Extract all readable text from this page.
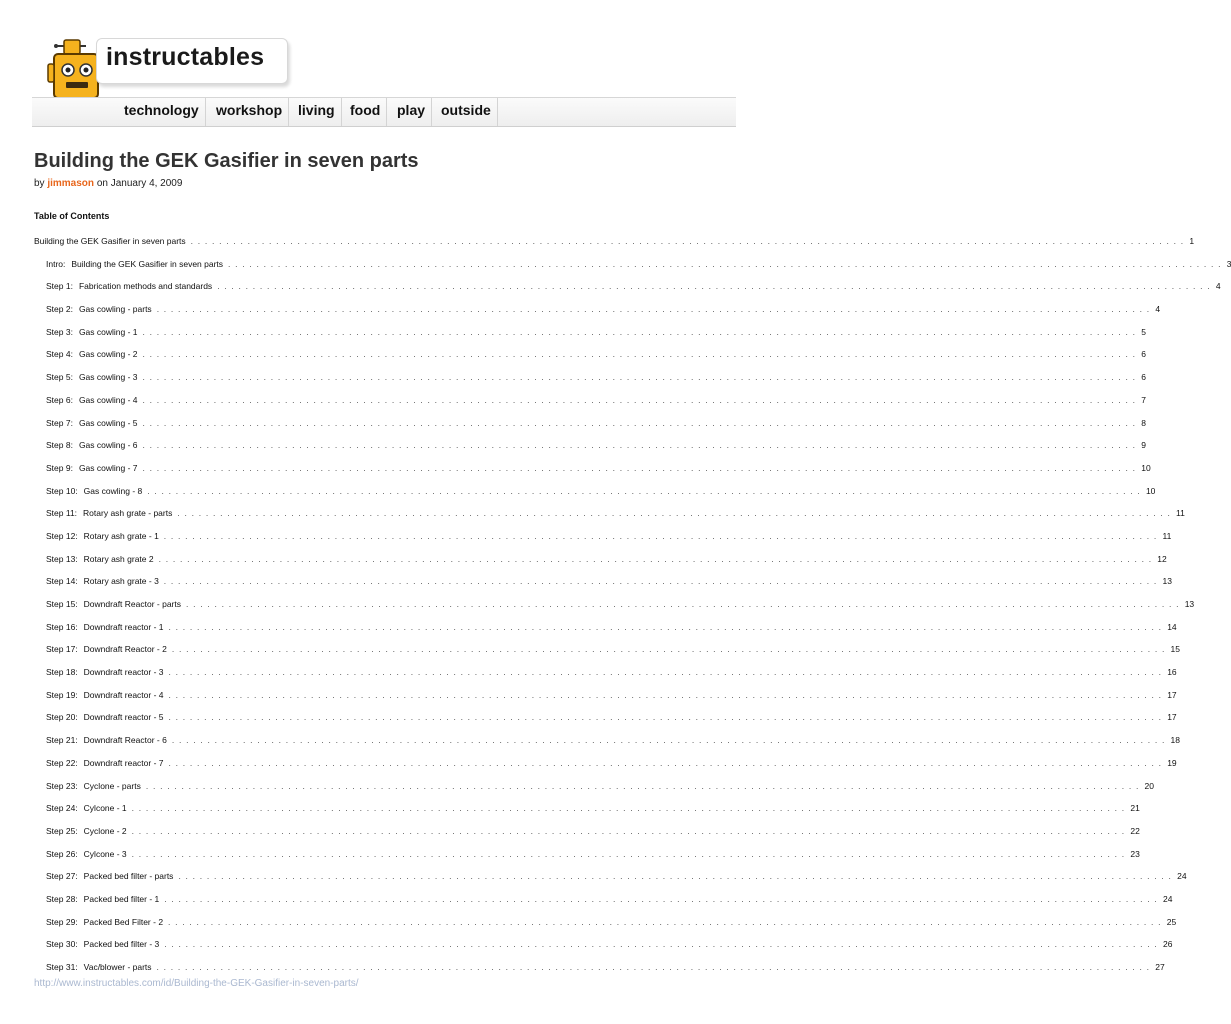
instructables
technology	workshop	living	food	play	outside
Building the GEK Gasifier in seven parts
by jimmason on January 4, 2009
Table of Contents
Building the GEK Gasifier in seven parts . . . . . . . . . . . . . . . . . . . . . . . . . . . . . . . . . . . . . . . . . . . . . . . . . . . . . . . . . . . . . . . . . . . . . . . . . . . . . . . . . . . . . . . . . . . . . . . . . . . . . . . . . . . . . . . . . . . . . . . . . . . . . . . . . . . . . . . . . . . . 1
Intro: Building the GEK Gasifier in seven parts . . . . . . . . . . . . . . . . . . . . . . . . . . . . . . . . . . . . . . . . . . . . . . . . . . . . . . . . . . . . . . . . . . . . . . . . . . . . . . . . . . . . . . . . . . . . . . . . . . . . . . . . . . . . . . . . . . . . . . . . . . . . . . . . . . . . . . . . . . . . 3
Step 1: Fabrication methods and standards . . . . . . . . . . . . . . . . . . . . . . . . . . . . . . . . . . . . . . . . . . . . . . . . . . . . . . . . . . . . . . . . . . . . . . . . . . . . . . . . . . . . . . . . . . . . . . . . . . . . . . . . . . . . . . . . . . . . . . . . . . . . . . . . . . . . . . . . . . . . 4
Step 2: Gas cowling - parts . . . . . . . . . . . . . . . . . . . . . . . . . . . . . . . . . . . . . . . . . . . . . . . . . . . . . . . . . . . . . . . . . . . . . . . . . . . . . . . . . . . . . . . . . . . . . . . . . . . . . . . . . . . . . . . . . . . . . . . . . . . . . . . . . . . . . . . . . . . . 4
Step 3: Gas cowling - 1 . . . . . . . . . . . . . . . . . . . . . . . . . . . . . . . . . . . . . . . . . . . . . . . . . . . . . . . . . . . . . . . . . . . . . . . . . . . . . . . . . . . . . . . . . . . . . . . . . . . . . . . . . . . . . . . . . . . . . . . . . . . . . . . . . . . . . . . . . . . . 5
Step 4: Gas cowling - 2 . . . . . . . . . . . . . . . . . . . . . . . . . . . . . . . . . . . . . . . . . . . . . . . . . . . . . . . . . . . . . . . . . . . . . . . . . . . . . . . . . . . . . . . . . . . . . . . . . . . . . . . . . . . . . . . . . . . . . . . . . . . . . . . . . . . . . . . . . . . . 6
Step 5: Gas cowling - 3 . . . . . . . . . . . . . . . . . . . . . . . . . . . . . . . . . . . . . . . . . . . . . . . . . . . . . . . . . . . . . . . . . . . . . . . . . . . . . . . . . . . . . . . . . . . . . . . . . . . . . . . . . . . . . . . . . . . . . . . . . . . . . . . . . . . . . . . . . . . . 6
Step 6: Gas cowling - 4 . . . . . . . . . . . . . . . . . . . . . . . . . . . . . . . . . . . . . . . . . . . . . . . . . . . . . . . . . . . . . . . . . . . . . . . . . . . . . . . . . . . . . . . . . . . . . . . . . . . . . . . . . . . . . . . . . . . . . . . . . . . . . . . . . . . . . . . . . . . . 7
Step 7: Gas cowling - 5 . . . . . . . . . . . . . . . . . . . . . . . . . . . . . . . . . . . . . . . . . . . . . . . . . . . . . . . . . . . . . . . . . . . . . . . . . . . . . . . . . . . . . . . . . . . . . . . . . . . . . . . . . . . . . . . . . . . . . . . . . . . . . . . . . . . . . . . . . . . . 8
Step 8: Gas cowling - 6 . . . . . . . . . . . . . . . . . . . . . . . . . . . . . . . . . . . . . . . . . . . . . . . . . . . . . . . . . . . . . . . . . . . . . . . . . . . . . . . . . . . . . . . . . . . . . . . . . . . . . . . . . . . . . . . . . . . . . . . . . . . . . . . . . . . . . . . . . . . . 9
Step 9: Gas cowling - 7 . . . . . . . . . . . . . . . . . . . . . . . . . . . . . . . . . . . . . . . . . . . . . . . . . . . . . . . . . . . . . . . . . . . . . . . . . . . . . . . . . . . . . . . . . . . . . . . . . . . . . . . . . . . . . . . . . . . . . . . . . . . . . . . . . . . . . . . . . . . . 10
Step 10: Gas cowling - 8 . . . . . . . . . . . . . . . . . . . . . . . . . . . . . . . . . . . . . . . . . . . . . . . . . . . . . . . . . . . . . . . . . . . . . . . . . . . . . . . . . . . . . . . . . . . . . . . . . . . . . . . . . . . . . . . . . . . . . . . . . . . . . . . . . . . . . . . . . . . . 10
Step 11: Rotary ash grate - parts . . . . . . . . . . . . . . . . . . . . . . . . . . . . . . . . . . . . . . . . . . . . . . . . . . . . . . . . . . . . . . . . . . . . . . . . . . . . . . . . . . . . . . . . . . . . . . . . . . . . . . . . . . . . . . . . . . . . . . . . . . . . . . . . . . . . . . . . . . . . 11
Step 12: Rotary ash grate - 1 . . . . . . . . . . . . . . . . . . . . . . . . . . . . . . . . . . . . . . . . . . . . . . . . . . . . . . . . . . . . . . . . . . . . . . . . . . . . . . . . . . . . . . . . . . . . . . . . . . . . . . . . . . . . . . . . . . . . . . . . . . . . . . . . . . . . . . . . . . . . 11
Step 13: Rotary ash grate 2 . . . . . . . . . . . . . . . . . . . . . . . . . . . . . . . . . . . . . . . . . . . . . . . . . . . . . . . . . . . . . . . . . . . . . . . . . . . . . . . . . . . . . . . . . . . . . . . . . . . . . . . . . . . . . . . . . . . . . . . . . . . . . . . . . . . . . . . . . . . . 12
Step 14: Rotary ash grate - 3 . . . . . . . . . . . . . . . . . . . . . . . . . . . . . . . . . . . . . . . . . . . . . . . . . . . . . . . . . . . . . . . . . . . . . . . . . . . . . . . . . . . . . . . . . . . . . . . . . . . . . . . . . . . . . . . . . . . . . . . . . . . . . . . . . . . . . . . . . . . . 13
Step 15: Downdraft Reactor - parts . . . . . . . . . . . . . . . . . . . . . . . . . . . . . . . . . . . . . . . . . . . . . . . . . . . . . . . . . . . . . . . . . . . . . . . . . . . . . . . . . . . . . . . . . . . . . . . . . . . . . . . . . . . . . . . . . . . . . . . . . . . . . . . . . . . . . . . . . . . . 13
Step 16: Downdraft reactor - 1 . . . . . . . . . . . . . . . . . . . . . . . . . . . . . . . . . . . . . . . . . . . . . . . . . . . . . . . . . . . . . . . . . . . . . . . . . . . . . . . . . . . . . . . . . . . . . . . . . . . . . . . . . . . . . . . . . . . . . . . . . . . . . . . . . . . . . . . . . . . . 14
Step 17: Downdraft Reactor - 2 . . . . . . . . . . . . . . . . . . . . . . . . . . . . . . . . . . . . . . . . . . . . . . . . . . . . . . . . . . . . . . . . . . . . . . . . . . . . . . . . . . . . . . . . . . . . . . . . . . . . . . . . . . . . . . . . . . . . . . . . . . . . . . . . . . . . . . . . . . . . 15
Step 18: Downdraft reactor - 3 . . . . . . . . . . . . . . . . . . . . . . . . . . . . . . . . . . . . . . . . . . . . . . . . . . . . . . . . . . . . . . . . . . . . . . . . . . . . . . . . . . . . . . . . . . . . . . . . . . . . . . . . . . . . . . . . . . . . . . . . . . . . . . . . . . . . . . . . . . . . 16
Step 19: Downdraft reactor - 4 . . . . . . . . . . . . . . . . . . . . . . . . . . . . . . . . . . . . . . . . . . . . . . . . . . . . . . . . . . . . . . . . . . . . . . . . . . . . . . . . . . . . . . . . . . . . . . . . . . . . . . . . . . . . . . . . . . . . . . . . . . . . . . . . . . . . . . . . . . . . 17
Step 20: Downdraft reactor - 5 . . . . . . . . . . . . . . . . . . . . . . . . . . . . . . . . . . . . . . . . . . . . . . . . . . . . . . . . . . . . . . . . . . . . . . . . . . . . . . . . . . . . . . . . . . . . . . . . . . . . . . . . . . . . . . . . . . . . . . . . . . . . . . . . . . . . . . . . . . . . 17
Step 21: Downdraft Reactor - 6 . . . . . . . . . . . . . . . . . . . . . . . . . . . . . . . . . . . . . . . . . . . . . . . . . . . . . . . . . . . . . . . . . . . . . . . . . . . . . . . . . . . . . . . . . . . . . . . . . . . . . . . . . . . . . . . . . . . . . . . . . . . . . . . . . . . . . . . . . . . . 18
Step 22: Downdraft reactor - 7 . . . . . . . . . . . . . . . . . . . . . . . . . . . . . . . . . . . . . . . . . . . . . . . . . . . . . . . . . . . . . . . . . . . . . . . . . . . . . . . . . . . . . . . . . . . . . . . . . . . . . . . . . . . . . . . . . . . . . . . . . . . . . . . . . . . . . . . . . . . . 19
Step 23: Cyclone - parts . . . . . . . . . . . . . . . . . . . . . . . . . . . . . . . . . . . . . . . . . . . . . . . . . . . . . . . . . . . . . . . . . . . . . . . . . . . . . . . . . . . . . . . . . . . . . . . . . . . . . . . . . . . . . . . . . . . . . . . . . . . . . . . . . . . . . . . . . . . . 20
Step 24: Cylcone - 1 . . . . . . . . . . . . . . . . . . . . . . . . . . . . . . . . . . . . . . . . . . . . . . . . . . . . . . . . . . . . . . . . . . . . . . . . . . . . . . . . . . . . . . . . . . . . . . . . . . . . . . . . . . . . . . . . . . . . . . . . . . . . . . . . . . . . . . . . . . . . 21
Step 25: Cyclone - 2 . . . . . . . . . . . . . . . . . . . . . . . . . . . . . . . . . . . . . . . . . . . . . . . . . . . . . . . . . . . . . . . . . . . . . . . . . . . . . . . . . . . . . . . . . . . . . . . . . . . . . . . . . . . . . . . . . . . . . . . . . . . . . . . . . . . . . . . . . . . . 22
Step 26: Cylcone - 3 . . . . . . . . . . . . . . . . . . . . . . . . . . . . . . . . . . . . . . . . . . . . . . . . . . . . . . . . . . . . . . . . . . . . . . . . . . . . . . . . . . . . . . . . . . . . . . . . . . . . . . . . . . . . . . . . . . . . . . . . . . . . . . . . . . . . . . . . . . . . 23
Step 27: Packed bed filter - parts . . . . . . . . . . . . . . . . . . . . . . . . . . . . . . . . . . . . . . . . . . . . . . . . . . . . . . . . . . . . . . . . . . . . . . . . . . . . . . . . . . . . . . . . . . . . . . . . . . . . . . . . . . . . . . . . . . . . . . . . . . . . . . . . . . . . . . . . . . . . 24
Step 28: Packed bed filter - 1 . . . . . . . . . . . . . . . . . . . . . . . . . . . . . . . . . . . . . . . . . . . . . . . . . . . . . . . . . . . . . . . . . . . . . . . . . . . . . . . . . . . . . . . . . . . . . . . . . . . . . . . . . . . . . . . . . . . . . . . . . . . . . . . . . . . . . . . . . . . . 24
Step 29: Packed Bed Filter - 2 . . . . . . . . . . . . . . . . . . . . . . . . . . . . . . . . . . . . . . . . . . . . . . . . . . . . . . . . . . . . . . . . . . . . . . . . . . . . . . . . . . . . . . . . . . . . . . . . . . . . . . . . . . . . . . . . . . . . . . . . . . . . . . . . . . . . . . . . . . . . 25
Step 30: Packed bed filter - 3 . . . . . . . . . . . . . . . . . . . . . . . . . . . . . . . . . . . . . . . . . . . . . . . . . . . . . . . . . . . . . . . . . . . . . . . . . . . . . . . . . . . . . . . . . . . . . . . . . . . . . . . . . . . . . . . . . . . . . . . . . . . . . . . . . . . . . . . . . . . . 26
Step 31: Vac/blower - parts . . . . . . . . . . . . . . . . . . . . . . . . . . . . . . . . . . . . . . . . . . . . . . . . . . . . . . . . . . . . . . . . . . . . . . . . . . . . . . . . . . . . . . . . . . . . . . . . . . . . . . . . . . . . . . . . . . . . . . . . . . . . . . . . . . . . . . . . . . . . 27
http://www.instructables.com/id/Building-the-GEK-Gasifier-in-seven-parts/
